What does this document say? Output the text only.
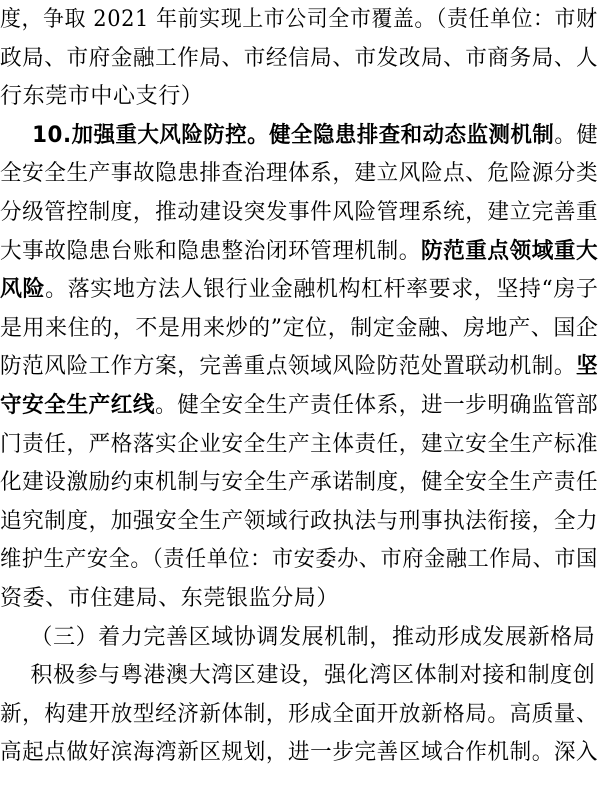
度，争取 2021 年前实现上市公司全市覆盖。（责任单位：市财
政局、市府金融工作局、市经信局、市发改局、市商务局、人
行东莞市中心支行）
10.加强重大风险防控。健全隐患排查和动态监测机制。健
全安全生产事故隐患排查治理体系，建立风险点、危险源分类
分级管控制度，推动建设突发事件风险管理系统，建立完善重
大事故隐患台账和隐患整治闭环管理机制。防范重点领域重大
风险。落实地方法人银行业金融机构杠杆率要求，坚持“房子
是用来住的，不是用来炒的”定位，制定金融、房地产、国企
防范风险工作方案，完善重点领域风险防范处置联动机制。坚
守安全生产红线。健全安全生产责任体系，进一步明确监管部
门责任，严格落实企业安全生产主体责任，建立安全生产标准
化建设激励约束机制与安全生产承诺制度，健全安全生产责任
追究制度，加强安全生产领域行政执法与刑事执法衔接，全力
维护生产安全。（责任单位：市安委办、市府金融工作局、市国
资委、市住建局、东莞银监分局）
（三）着力完善区域协调发展机制，推动形成发展新格局
积极参与粤港澳大湾区建设，强化湾区体制对接和制度创
新，构建开放型经济新体制，形成全面开放新格局。高质量、
高起点做好滨海湾新区规划，进一步完善区域合作机制。深入
